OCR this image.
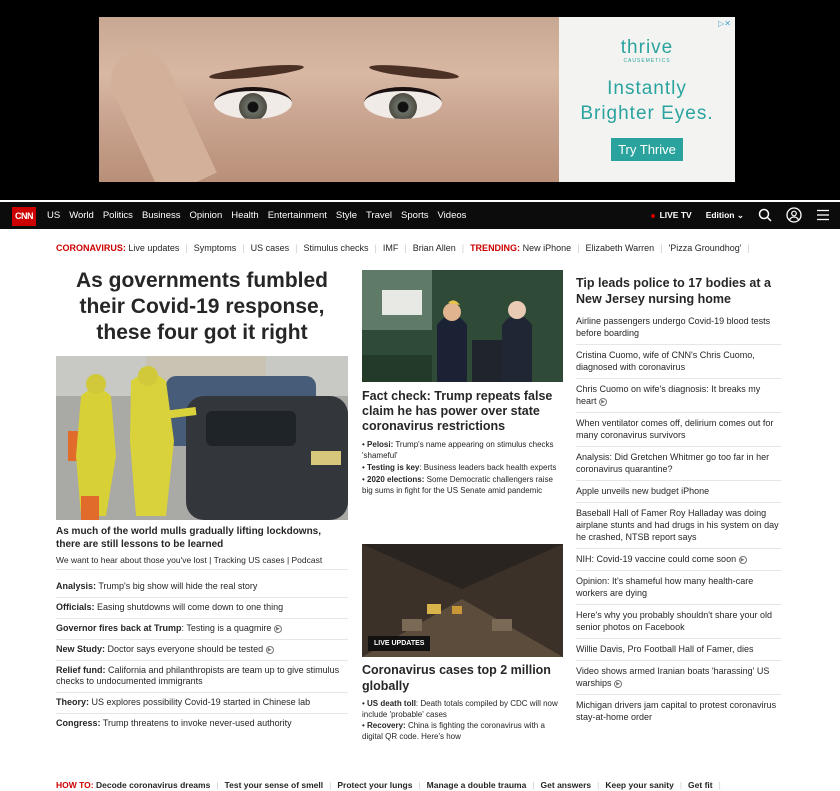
▷✕
thrive
CAUSEMETICS
Instantly
Brighter Eyes.
Try Thrive
CNN	US World Politics Business Opinion Health Entertainment Style Travel Sports Videos	LIVE TV Edition ⌄
CORONAVIRUS:
Live updates | Symptoms | US cases | Stimulus checks | IMF | Brian Allen | TRENDING:
New iPhone | Elizabeth Warren | 'Pizza Groundhog' |
As governments fumbled their Covid-19 response, these four got it right
As much of the world mulls gradually lifting lockdowns, there are still lessons to be learned
We want to hear about those you've lost | Tracking US cases | Podcast
Analysis: Trump's big show will hide the real story
Officials: Easing shutdowns will come down to one thing
Governor fires back at Trump: Testing is a quagmire ▶
New Study: Doctor says everyone should be tested ▶
Relief fund: California and philanthropists are team up to give stimulus checks to undocumented immigrants
Theory: US explores possibility Covid-19 started in Chinese lab
Congress: Trump threatens to invoke never-used authority
Fact check: Trump repeats false claim he has power over state coronavirus restrictions
• Pelosi: Trump's name appearing on stimulus checks 'shameful'
• Testing is key: Business leaders back health experts
• 2020 elections: Some Democratic challengers raise big sums in fight for the US Senate amid pandemic
LIVE UPDATES
Coronavirus cases top 2 million globally
• US death toll: Death totals compiled by CDC will now include 'probable' cases
• Recovery: China is fighting the coronavirus with a digital QR code. Here's how
Tip leads police to 17 bodies at a New Jersey nursing home
Airline passengers undergo Covid-19 blood tests before boarding
Cristina Cuomo, wife of CNN's Chris Cuomo, diagnosed with coronavirus
Chris Cuomo on wife's diagnosis: It breaks my heart ▶
When ventilator comes off, delirium comes out for many coronavirus survivors
Analysis: Did Gretchen Whitmer go too far in her coronavirus quarantine?
Apple unveils new budget iPhone
Baseball Hall of Famer Roy Halladay was doing airplane stunts and had drugs in his system on day he crashed, NTSB report says
NIH: Covid-19 vaccine could come soon ▶
Opinion: It's shameful how many health-care workers are dying
Here's why you probably shouldn't share your old senior photos on Facebook
Willie Davis, Pro Football Hall of Famer, dies
Video shows armed Iranian boats 'harassing' US warships ▶
Michigan drivers jam capital to protest coronavirus stay-at-home order
HOW TO:
Decode coronavirus dreams | Test your sense of smell | Protect your lungs | Manage a double trauma | Get answers | Keep your sanity | Get fit |
